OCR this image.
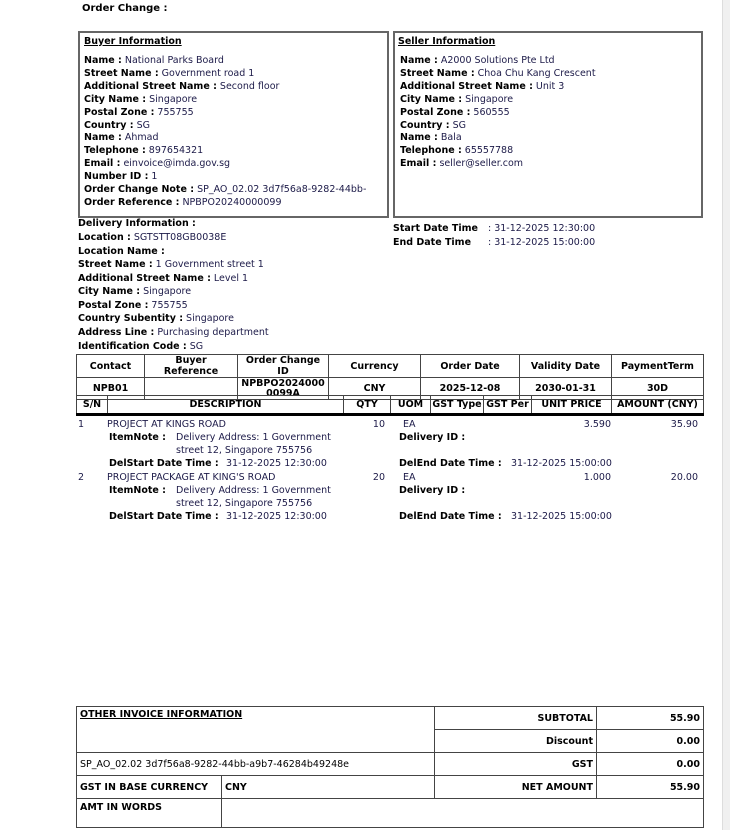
Order Change :
Buyer Information
Name : National Parks Board
Street Name : Government road 1
Additional Street Name : Second floor
City Name : Singapore
Postal Zone : 755755
Country : SG
Name : Ahmad
Telephone : 897654321
Email : einvoice@imda.gov.sg
Number ID : 1
Order Change Note : SP_AO_02.02 3d7f56a8-9282-44bb-
Order Reference : NPBPO20240000099
Seller Information
Name : A2000 Solutions Pte Ltd
Street Name : Choa Chu Kang Crescent
Additional Street Name : Unit 3
City Name : Singapore
Postal Zone : 560555
Country : SG
Name : Bala
Telephone : 65557788
Email : seller@seller.com
Delivery Information :
Location : SGTSTT08GB0038E
Location Name :
Street Name : 1 Government street 1
Additional Street Name : Level 1
City Name : Singapore
Postal Zone : 755755
Country Subentity : Singapore
Address Line : Purchasing department
Identification Code : SG
Start Date Time : 31-12-2025 12:30:00
End Date Time : 31-12-2025 15:00:00
Contact	Buyer Reference	Order Change ID	Currency	Order Date	Validity Date	PaymentTerm
NPB01		NPBPO20240000099A	CNY	2025-12-08	2030-01-31	30D
S/N	DESCRIPTION	QTY	UOM	GST Type	GST Per	UNIT PRICE	AMOUNT (CNY)
1 PROJECT AT KINGS ROAD	10 EA	3.590	35.90
ItemNote : Delivery Address: 1 Government
street 12, Singapore 755756
Delivery ID :
DelStart Date Time : 31-12-2025 12:30:00	DelEnd Date Time : 31-12-2025 15:00:00
2 PROJECT PACKAGE AT KING'S ROAD	20 EA	1.000	20.00
ItemNote : Delivery Address: 1 Government
street 12, Singapore 755756
Delivery ID :
DelStart Date Time : 31-12-2025 12:30:00	DelEnd Date Time : 31-12-2025 15:00:00
OTHER INVOICE INFORMATION		SUBTOTAL	55.90
		Discount	0.00
SP_AO_02.02 3d7f56a8-9282-44bb-a9b7-46284b49248e		GST	0.00
GST IN BASE CURRENCY	CNY	NET AMOUNT	55.90
AMT IN WORDS			
